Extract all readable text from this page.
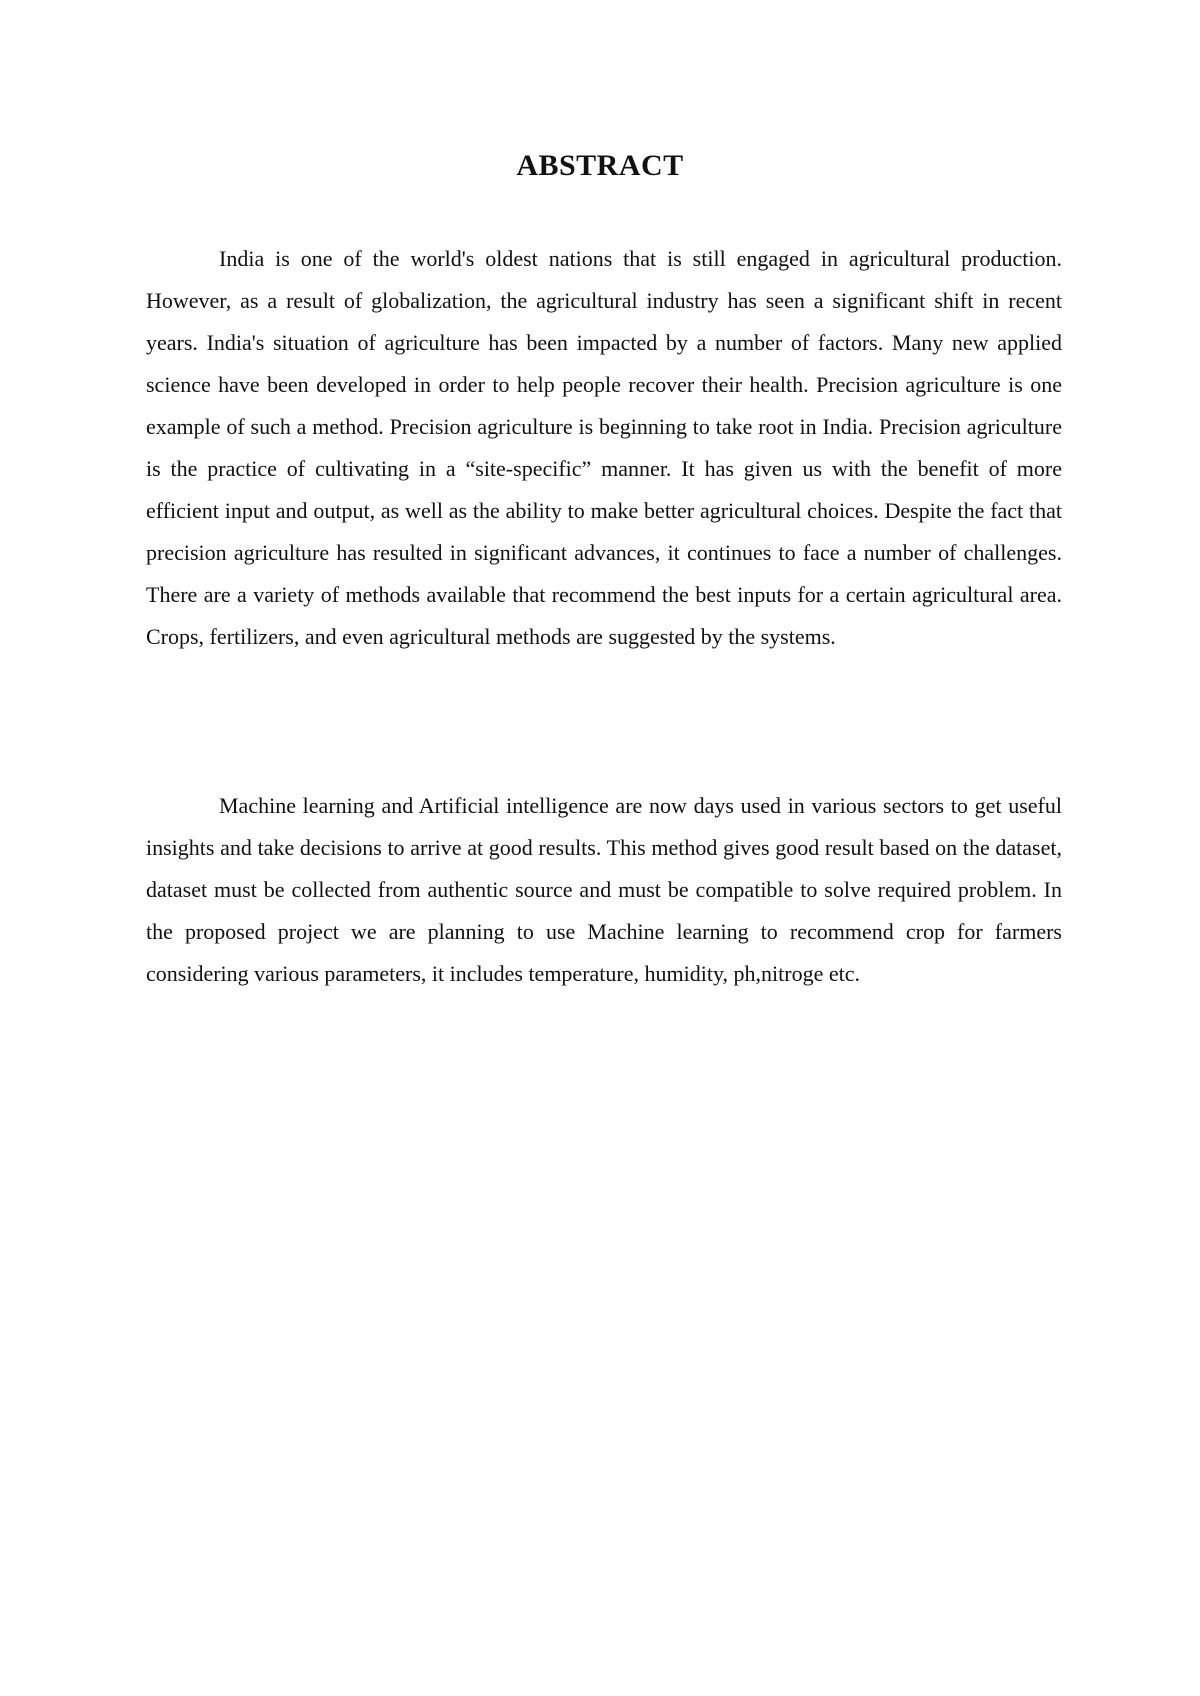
ABSTRACT

India is one of the world's oldest nations that is still engaged in agricultural production. However, as a result of globalization, the agricultural industry has seen a significant shift in recent years. India's situation of agriculture has been impacted by a number of factors. Many new applied science have been developed in order to help people recover their health. Precision agriculture is one example of such a method. Precision agriculture is beginning to take root in India. Precision agriculture is the practice of cultivating in a “site-specific” manner. It has given us with the benefit of more efficient input and output, as well as the ability to make better agricultural choices. Despite the fact that precision agriculture has resulted in significant advances, it continues to face a number of challenges. There are a variety of methods available that recommend the best inputs for a certain agricultural area. Crops, fertilizers, and even agricultural methods are suggested by the systems.

Machine learning and Artificial intelligence are now days used in various sectors to get useful insights and take decisions to arrive at good results. This method gives good result based on the dataset, dataset must be collected from authentic source and must be compatible to solve required problem. In the proposed project we are planning to use Machine learning to recommend crop for farmers considering various parameters, it includes temperature, humidity, ph,nitroge etc.
